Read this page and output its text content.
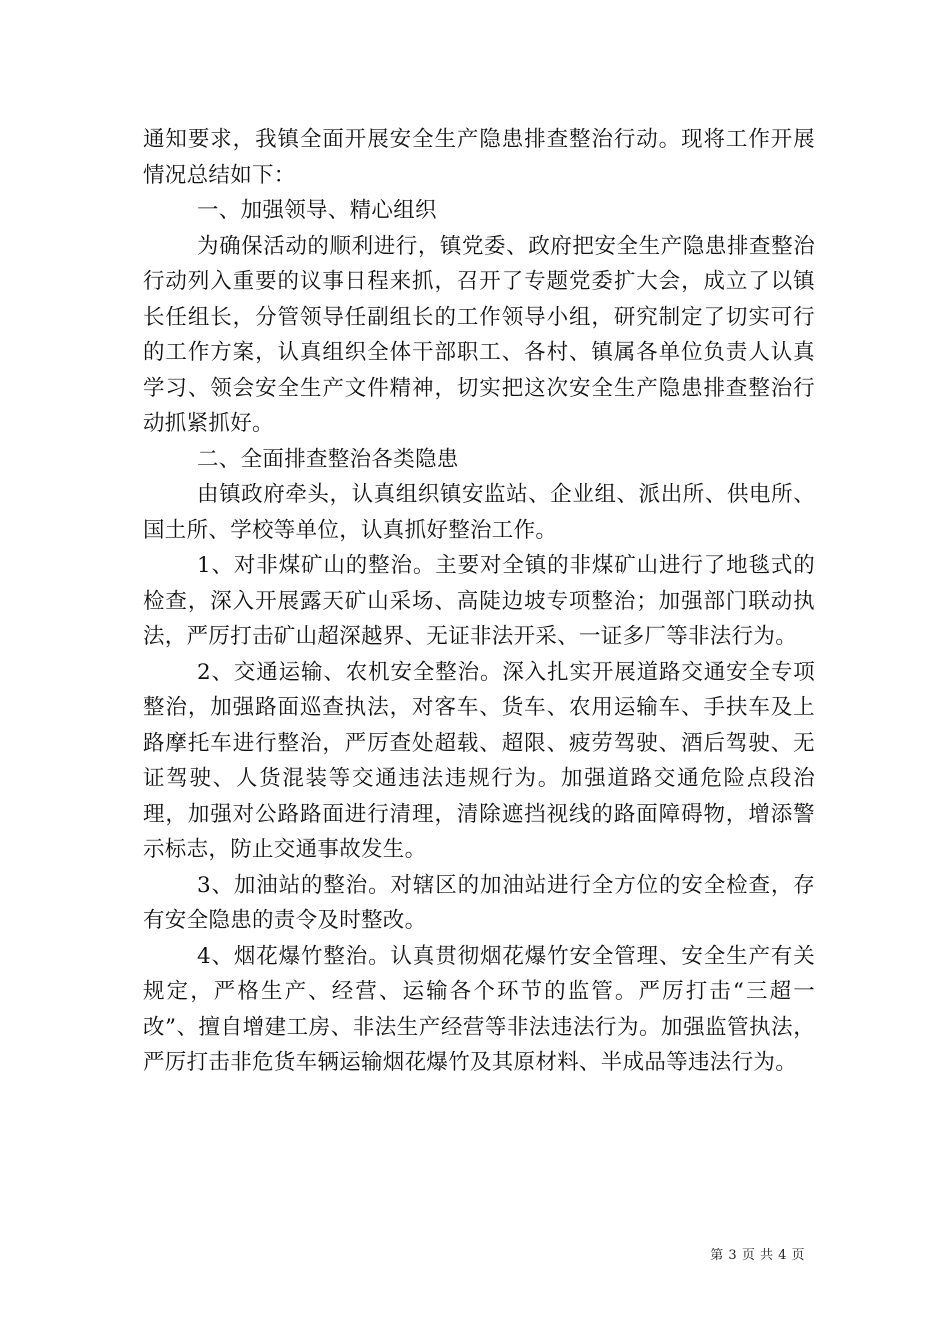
通知要求，我镇全面开展安全生产隐患排查整治行动。现将工作开展情况总结如下：

一、加强领导、精心组织

为确保活动的顺利进行，镇党委、政府把安全生产隐患排查整治行动列入重要的议事日程来抓，召开了专题党委扩大会，成立了以镇长任组长，分管领导任副组长的工作领导小组，研究制定了切实可行的工作方案，认真组织全体干部职工、各村、镇属各单位负责人认真学习、领会安全生产文件精神，切实把这次安全生产隐患排查整治行动抓紧抓好。

二、全面排查整治各类隐患

由镇政府牵头，认真组织镇安监站、企业组、派出所、供电所、国土所、学校等单位，认真抓好整治工作。

1、对非煤矿山的整治。主要对全镇的非煤矿山进行了地毯式的检查，深入开展露天矿山采场、高陡边坡专项整治；加强部门联动执法，严厉打击矿山超深越界、无证非法开采、一证多厂等非法行为。

2、交通运输、农机安全整治。深入扎实开展道路交通安全专项整治，加强路面巡查执法，对客车、货车、农用运输车、手扶车及上路摩托车进行整治，严厉查处超载、超限、疲劳驾驶、酒后驾驶、无证驾驶、人货混装等交通违法违规行为。加强道路交通危险点段治理，加强对公路路面进行清理，清除遮挡视线的路面障碍物，增添警示标志，防止交通事故发生。

3、加油站的整治。对辖区的加油站进行全方位的安全检查，存有安全隐患的责令及时整改。

4、烟花爆竹整治。认真贯彻烟花爆竹安全管理、安全生产有关规定，严格生产、经营、运输各个环节的监管。严厉打击“三超一改”、擅自增建工房、非法生产经营等非法违法行为。加强监管执法，严厉打击非危货车辆运输烟花爆竹及其原材料、半成品等违法行为。

第 3 页 共 4 页
